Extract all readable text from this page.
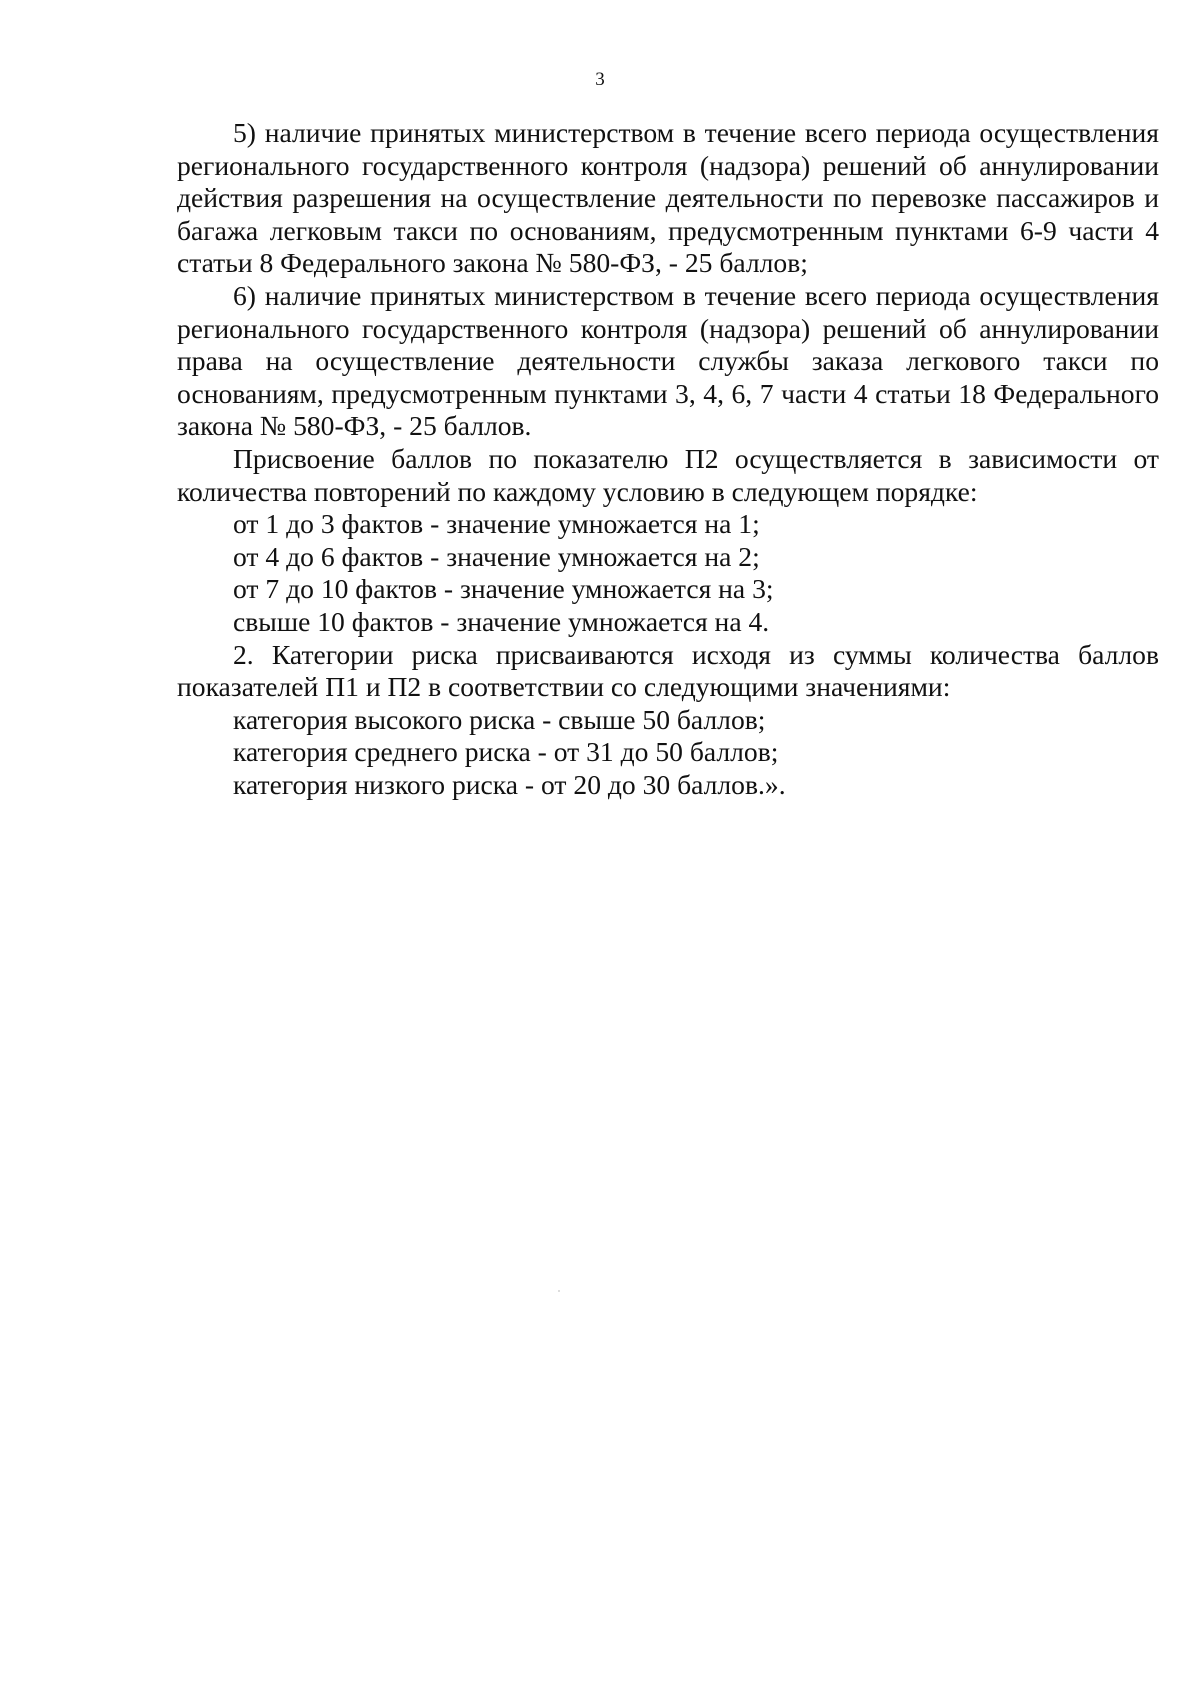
3

5) наличие принятых министерством в течение всего периода осуществления регионального государственного контроля (надзора) решений об аннулировании действия разрешения на осуществление деятельности по перевозке пассажиров и багажа легковым такси по основаниям, предусмотренным пунктами 6-9 части 4 статьи 8 Федерального закона № 580-ФЗ, - 25 баллов;

6) наличие принятых министерством в течение всего периода осуществления регионального государственного контроля (надзора) решений об аннулировании права на осуществление деятельности службы заказа легкового такси по основаниям, предусмотренным пунктами 3, 4, 6, 7 части 4 статьи 18 Федерального закона № 580-ФЗ, - 25 баллов.

Присвоение баллов по показателю П2 осуществляется в зависимости от количества повторений по каждому условию в следующем порядке:

от 1 до 3 фактов - значение умножается на 1;

от 4 до 6 фактов - значение умножается на 2;

от 7 до 10 фактов - значение умножается на 3;

свыше 10 фактов - значение умножается на 4.

2. Категории риска присваиваются исходя из суммы количества баллов показателей П1 и П2 в соответствии со следующими значениями:

категория высокого риска - свыше 50 баллов;

категория среднего риска - от 31 до 50 баллов;

категория низкого риска - от 20 до 30 баллов.».
